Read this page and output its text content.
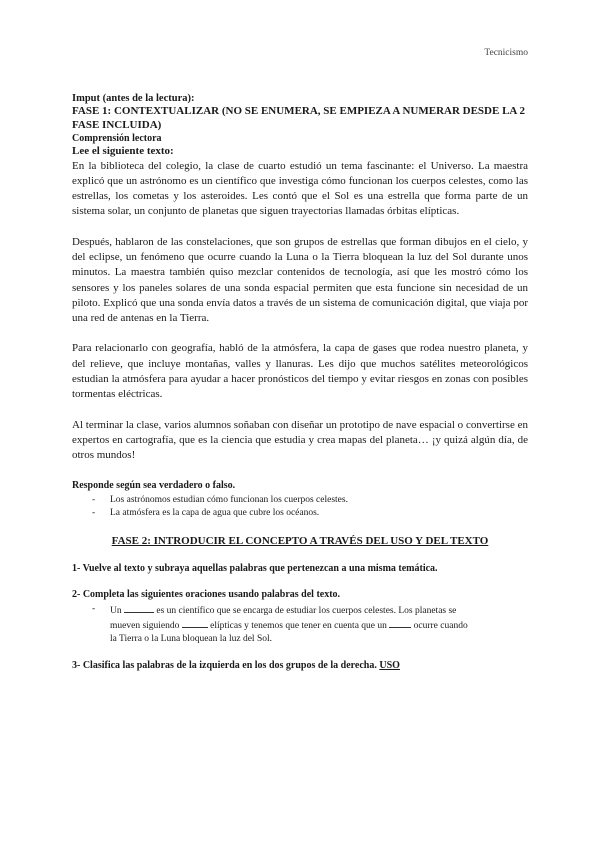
Tecnicismo

Imput (antes de la lectura):

FASE 1: CONTEXTUALIZAR (NO SE ENUMERA, SE EMPIEZA A NUMERAR DESDE LA 2 FASE INCLUIDA)

Comprensión lectora

Lee el siguiente texto:

En la biblioteca del colegio, la clase de cuarto estudió un tema fascinante: el Universo. La maestra explicó que un astrónomo es un científico que investiga cómo funcionan los cuerpos celestes, como las estrellas, los cometas y los asteroides. Les contó que el Sol es una estrella que forma parte de un sistema solar, un conjunto de planetas que siguen trayectorias llamadas órbitas elípticas.

Después, hablaron de las constelaciones, que son grupos de estrellas que forman dibujos en el cielo, y del eclipse, un fenómeno que ocurre cuando la Luna o la Tierra bloquean la luz del Sol durante unos minutos. La maestra también quiso mezclar contenidos de tecnología, así que les mostró cómo los sensores y los paneles solares de una sonda espacial permiten que esta funcione sin necesidad de un piloto. Explicó que una sonda envía datos a través de un sistema de comunicación digital, que viaja por una red de antenas en la Tierra.

Para relacionarlo con geografía, habló de la atmósfera, la capa de gases que rodea nuestro planeta, y del relieve, que incluye montañas, valles y llanuras. Les dijo que muchos satélites meteorológicos estudian la atmósfera para ayudar a hacer pronósticos del tiempo y evitar riesgos en zonas con posibles tormentas eléctricas.

Al terminar la clase, varios alumnos soñaban con diseñar un prototipo de nave espacial o convertirse en expertos en cartografía, que es la ciencia que estudia y crea mapas del planeta… ¡y quizá algún día, de otros mundos!

Responde según sea verdadero o falso.

- Los astrónomos estudian cómo funcionan los cuerpos celestes.
- La atmósfera es la capa de agua que cubre los océanos.

FASE 2: INTRODUCIR EL CONCEPTO A TRAVÉS DEL USO Y DEL TEXTO

1- Vuelve al texto y subraya aquellas palabras que pertenezcan a una misma temática.

2- Completa las siguientes oraciones usando palabras del texto.

- Un	es un científico que se encarga de estudiar los cuerpos celestes. Los planetas se
mueven siguiendo	elípticas y tenemos que tener en cuenta que un	ocurre cuando
la Tierra o la Luna bloquean la luz del Sol.

3- Clasifica las palabras de la izquierda en los dos grupos de la derecha. USO
